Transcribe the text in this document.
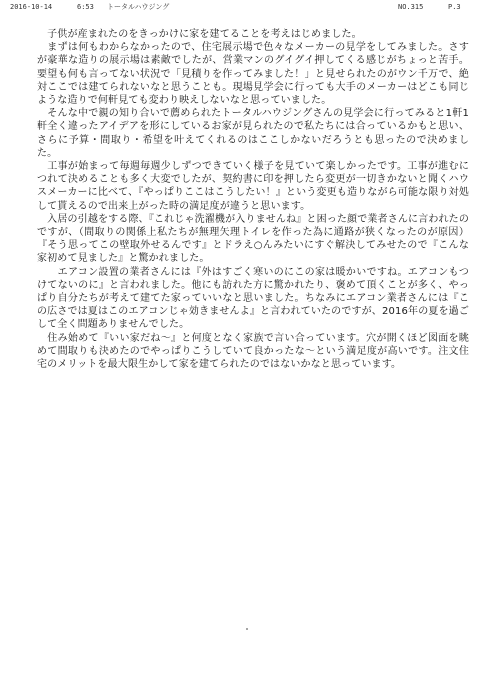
2016-10-14	6:53 トータルハウジング	NO.315	P.3

　子供が産まれたのをきっかけに家を建てることを考えはじめました。

　まずは何もわからなかったので、住宅展示場で色々なメーカーの見学をしてみました。さすが豪華な造りの展示場は素敵でしたが、営業マンのグイグイ押してくる感じがちょっと苦手。要望も何も言ってない状況で「見積りを作ってみました！」と見せられたのがウン千万で、絶対ここでは建てられないなと思うことも。現場見学会に行っても大手のメーカーはどこも同じような造りで何軒見ても変わり映えしないなと思っていました。

　そんな中で親の知り合いで薦められたトータルハウジングさんの見学会に行ってみると1軒1軒全く違ったアイデアを形にしているお家が見られたので私たちには合っているかもと思い、さらに予算・間取り・希望を叶えてくれるのはここしかないだろうとも思ったので決めました。

　工事が始まって毎週毎週少しずつできていく様子を見ていて楽しかったです。工事が進むにつれて決めることも多く大変でしたが、契約書に印を押したら変更が一切きかないと聞くハウスメーカーに比べて、『やっぱりここはこうしたい！』という変更も造りながら可能な限り対処して貰えるので出来上がった時の満足度が違うと思います。

　入居の引越をする際、『これじゃ洗濯機が入りませんね』と困った顔で業者さんに言われたのですが、（間取りの関係上私たちが無理矢理トイレを作った為に通路が狭くなったのが原因）『そう思ってこの壁取外せるんです』とドラえ○んみたいにすぐ解決してみせたので『こんな家初めて見ました』と驚かれました。

　　エアコン設置の業者さんには『外はすごく寒いのにこの家は暖かいですね。エアコンもつけてないのに』と言われました。他にも訪れた方に驚かれたり、褒めて頂くことが多く、やっぱり自分たちが考えて建てた家っていいなと思いました。ちなみにエアコン業者さんには『この広さでは夏はこのエアコンじゃ効きませんよ』と言われていたのですが、2016年の夏を過ごして全く問題ありませんでした。

　住み始めて『いい家だね～』と何度となく家族で言い合っています。穴が開くほど図面を眺めて間取りも決めたのでやっぱりこうしていて良かったな～という満足度が高いです。注文住宅のメリットを最大限生かして家を建てられたのではないかなと思っています。
